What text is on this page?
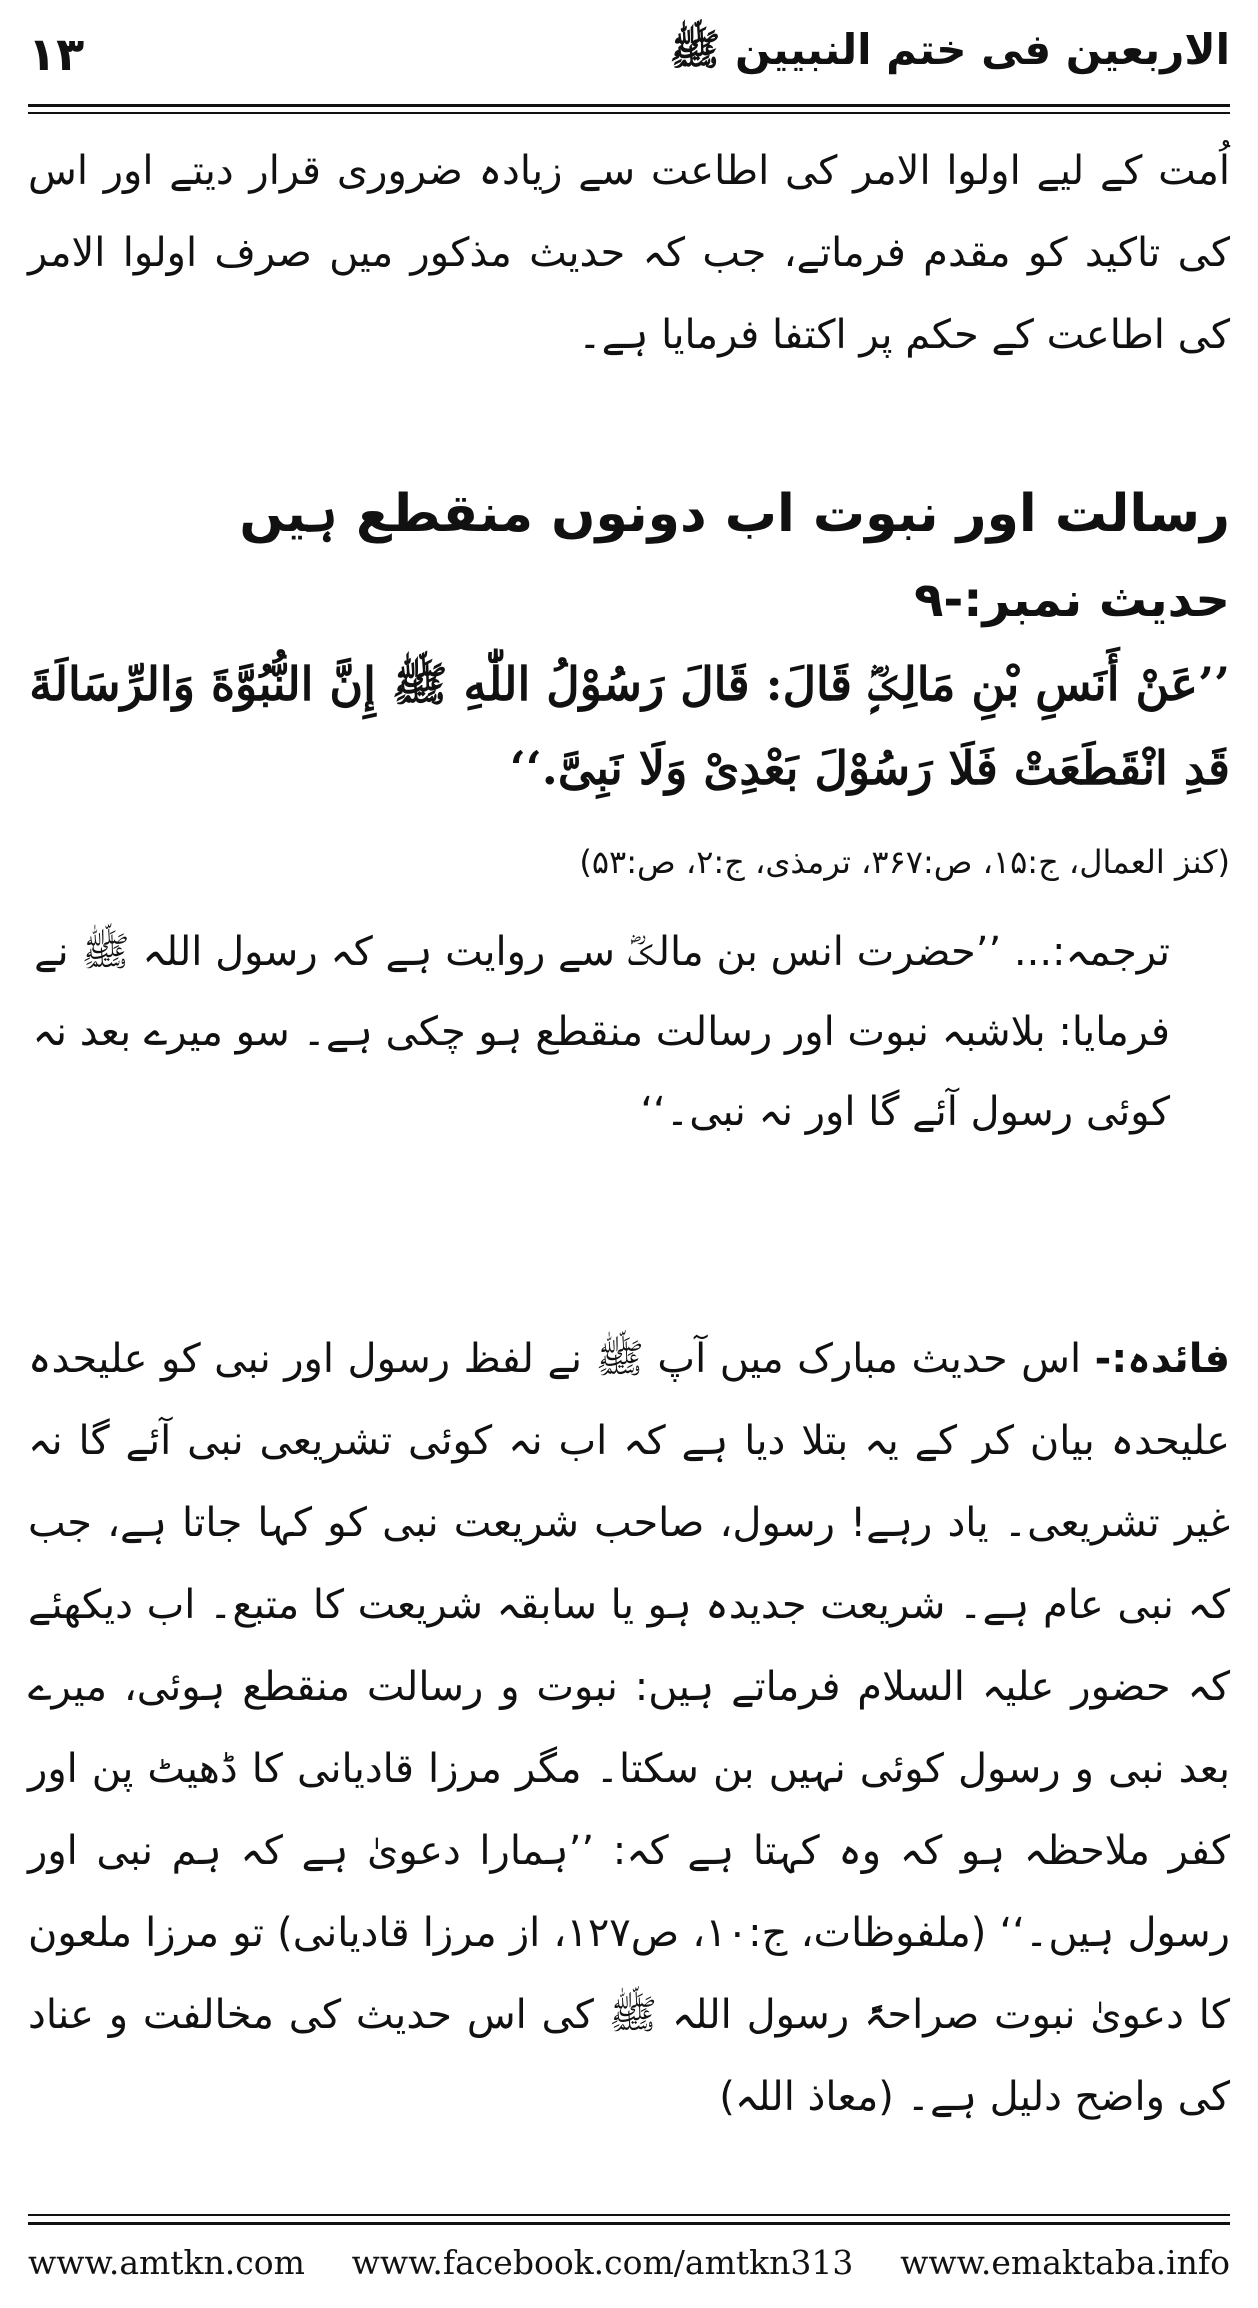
۱۳	الاربعین فی ختم النبیین ﷺ
اُمت کے لیے اولوا الامر کی اطاعت سے زیادہ ضروری قرار دیتے اور اس کی تاکید کو مقدم فرماتے، جب کہ حدیث مذکور میں صرف اولوا الامر کی اطاعت کے حکم پر اکتفا فرمایا ہے۔
رسالت اور نبوت اب دونوں منقطع ہیں
حدیث نمبر:-۹
’’عَنْ أَنَسِ بْنِ مَالِکٍؓ قَالَ: قَالَ رَسُوْلُ اللّٰهِ ﷺ إِنَّ النُّبُوَّةَ وَالرِّسَالَةَ قَدِ انْقَطَعَتْ فَلَا رَسُوْلَ بَعْدِیْ وَلَا نَبِیَّ.‘‘
(کنز العمال، ج:۱۵، ص:۳۶۷، ترمذی، ج:۲، ص:۵۳)
ترجمہ:... ’’حضرت انس بن مالکؓ سے روایت ہے کہ رسول اللہ ﷺ نے فرمایا: بلاشبہ نبوت اور رسالت منقطع ہو چکی ہے۔ سو میرے بعد نہ کوئی رسول آئے گا اور نہ نبی۔‘‘
فائدہ:- اس حدیث مبارک میں آپ ﷺ نے لفظ رسول اور نبی کو علیحدہ علیحدہ بیان کر کے یہ بتلا دیا ہے کہ اب نہ کوئی تشریعی نبی آئے گا نہ غیر تشریعی۔ یاد رہے! رسول، صاحب شریعت نبی کو کہا جاتا ہے، جب کہ نبی عام ہے۔ شریعت جدیدہ ہو یا سابقہ شریعت کا متبع۔ اب دیکھئے کہ حضور علیہ السلام فرماتے ہیں: نبوت و رسالت منقطع ہوئی، میرے بعد نبی و رسول کوئی نہیں بن سکتا۔ مگر مرزا قادیانی کا ڈھیٹ پن اور کفر ملاحظہ ہو کہ وہ کہتا ہے کہ: ’’ہمارا دعویٰ ہے کہ ہم نبی اور رسول ہیں۔‘‘ (ملفوظات، ج:۱۰، ص۱۲۷، از مرزا قادیانی) تو مرزا ملعون کا دعویٰ نبوت صراحۃً رسول اللہ ﷺ کی اس حدیث کی مخالفت و عناد کی واضح دلیل ہے۔ (معاذ اللہ)
www.amtkn.com www.facebook.com/amtkn313 www.emaktaba.info
